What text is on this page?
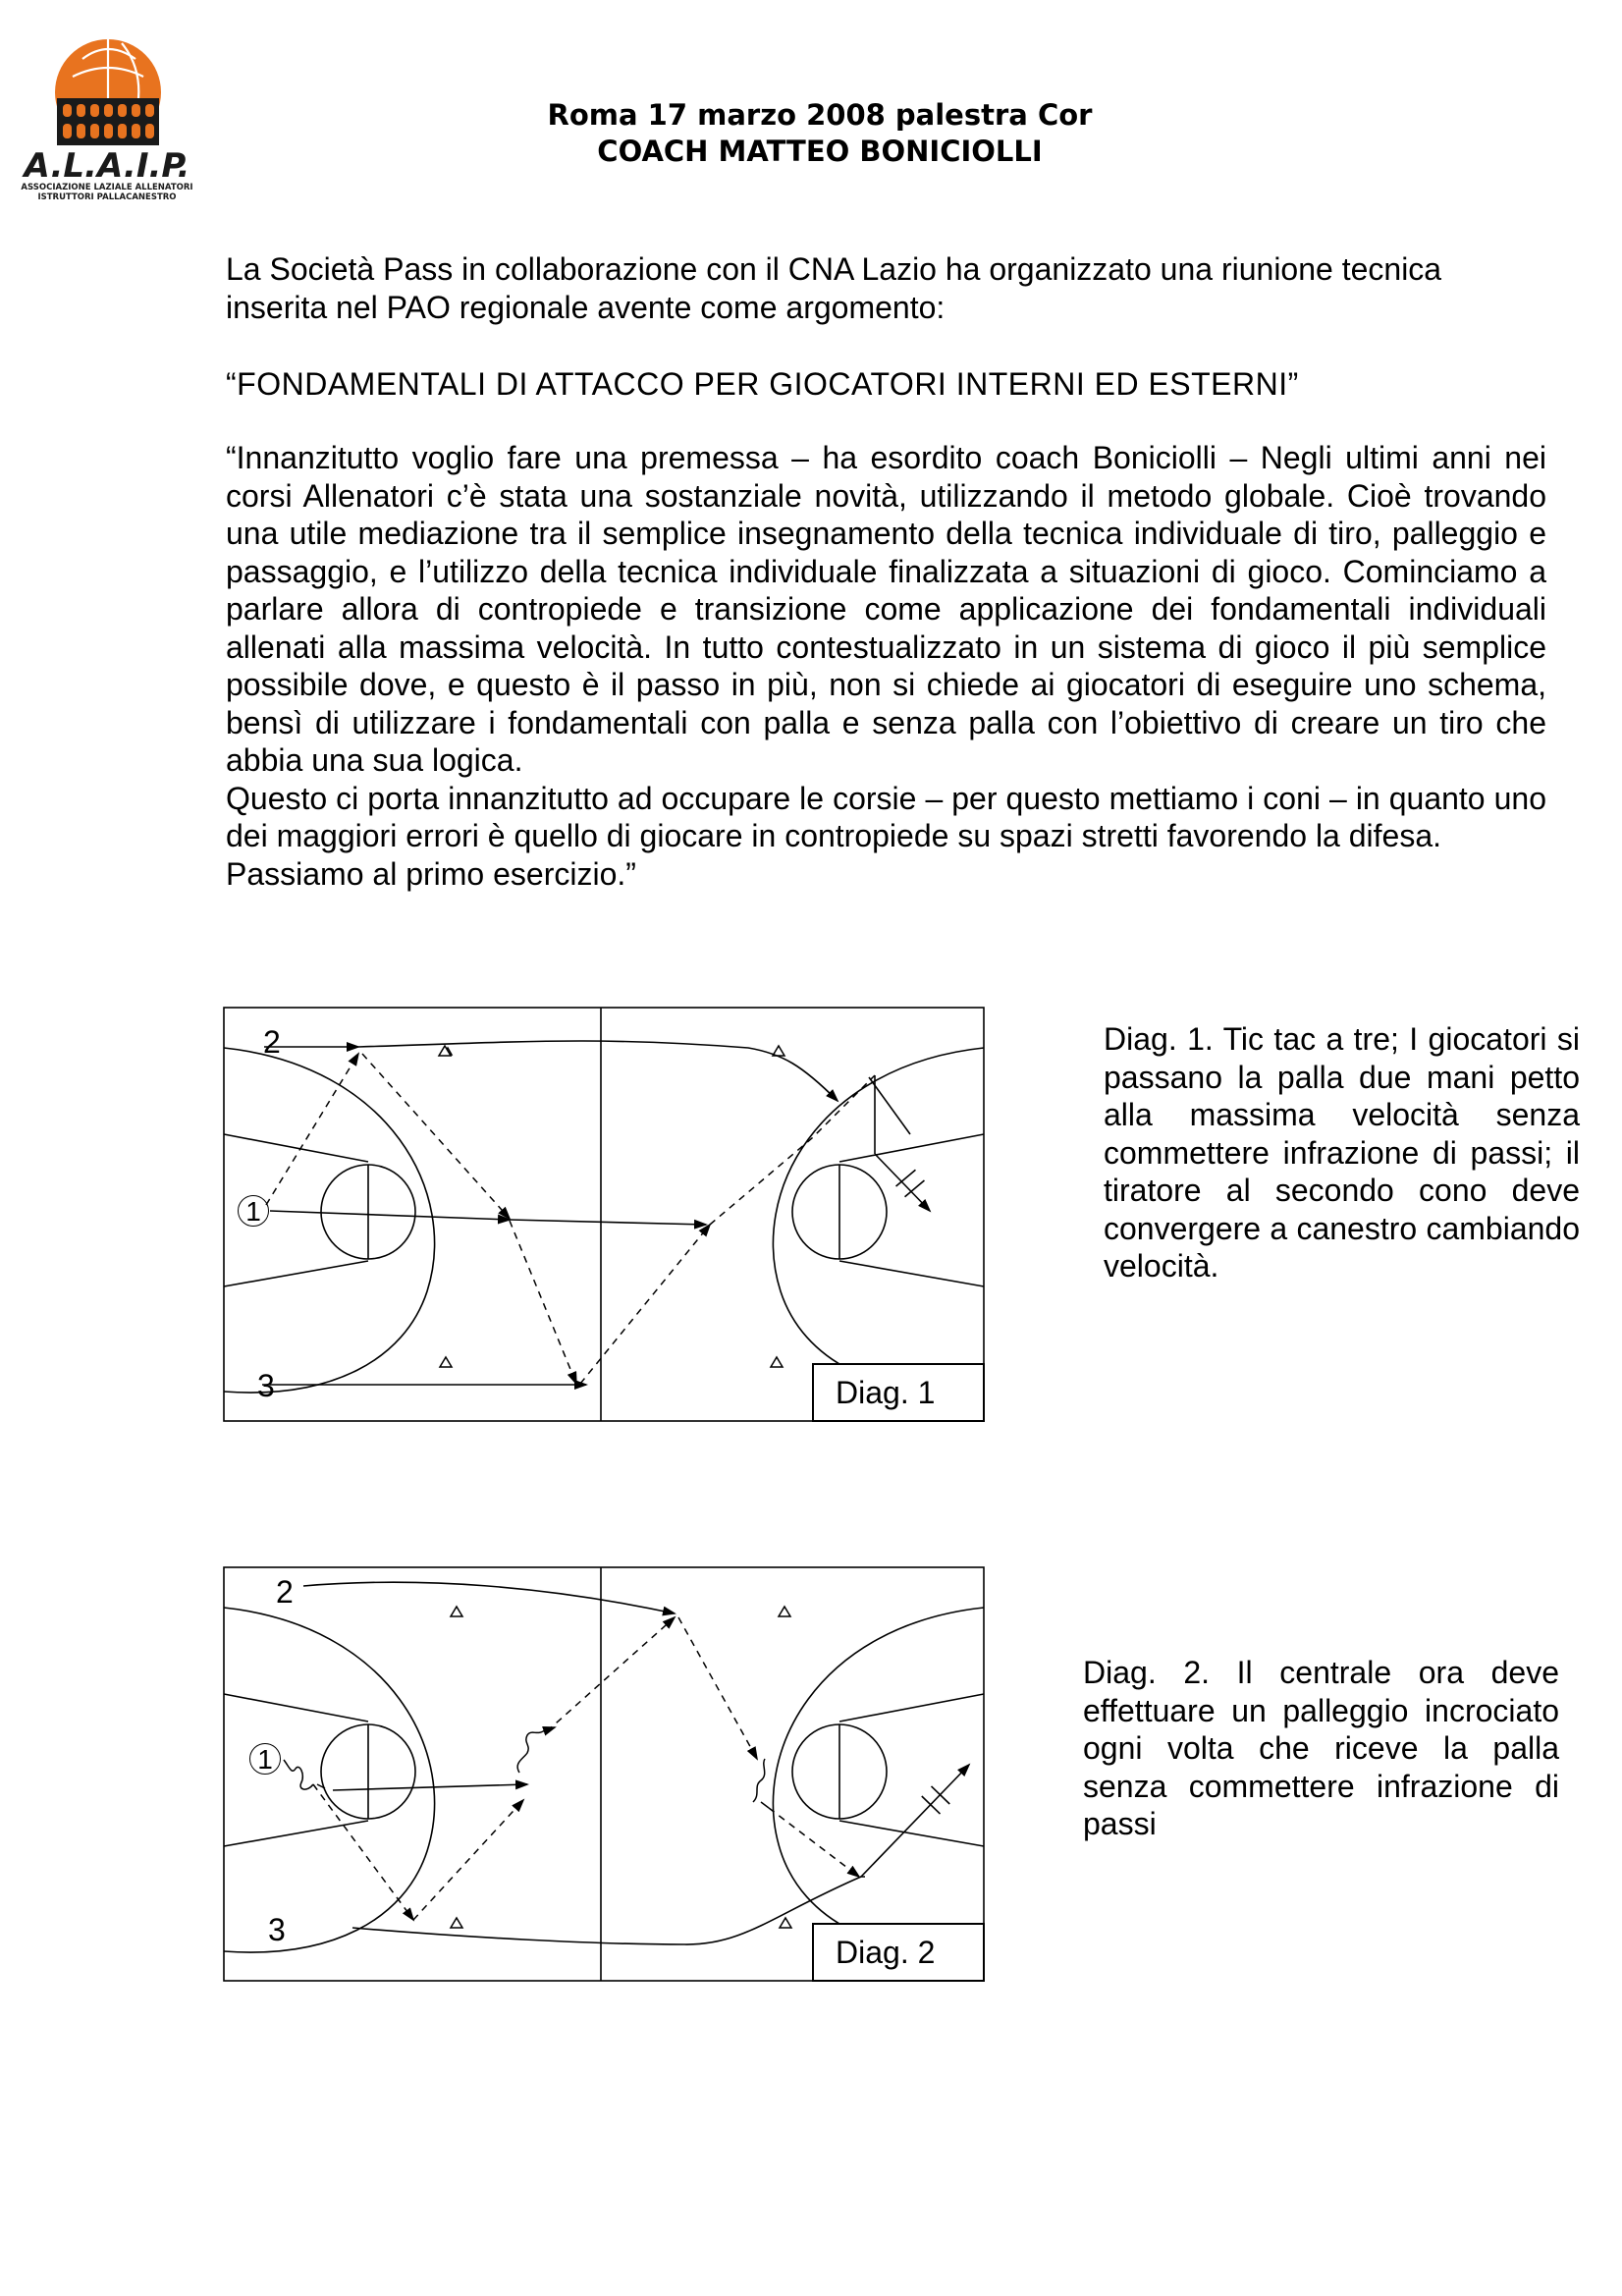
A.L.A.I.P.
ASSOCIAZIONE LAZIALE ALLENATORI
ISTRUTTORI PALLACANESTRO
Roma 17 marzo 2008 palestra Cor
COACH MATTEO BONICIOLLI
La Società Pass in collaborazione con il CNA Lazio ha organizzato una riunione tecnica inserita nel PAO regionale avente come argomento:
“FONDAMENTALI DI ATTACCO PER GIOCATORI INTERNI ED ESTERNI”

“Innanzitutto voglio fare una premessa – ha esordito coach Boniciolli – Negli ultimi anni nei corsi Allenatori c’è stata una sostanziale novità, utilizzando il metodo globale. Cioè trovando una utile mediazione tra il semplice insegnamento della tecnica individuale di tiro, palleggio e passaggio, e l’utilizzo della tecnica individuale finalizzata a situazioni di gioco. Cominciamo a parlare allora di contropiede e transizione come applicazione dei fondamentali individuali allenati alla massima velocità. In tutto contestualizzato in un sistema di gioco il più semplice possibile dove, e questo è il passo in più, non si chiede ai giocatori di eseguire uno schema, bensì di utilizzare i fondamentali con palla e senza palla con l’obiettivo di creare un tiro che abbia una sua logica.

Questo ci porta innanzitutto ad occupare le corsie – per questo mettiamo i coni – in quanto uno dei maggiori errori è quello di giocare in contropiede su spazi stretti favorendo la difesa.

Passiamo al primo esercizio.”

2
1
3	Diag. 1
Diag. 1. Tic tac a tre; I giocatori si passano la palla due mani petto alla massima velocità senza commettere infrazione di passi; il tiratore al secondo cono deve convergere a canestro cambiando velocità.
2
1
3
Diag. 2
Diag. 2. Il centrale ora deve effettuare un palleggio incrociato ogni volta che riceve la palla senza commettere infrazione di passi
